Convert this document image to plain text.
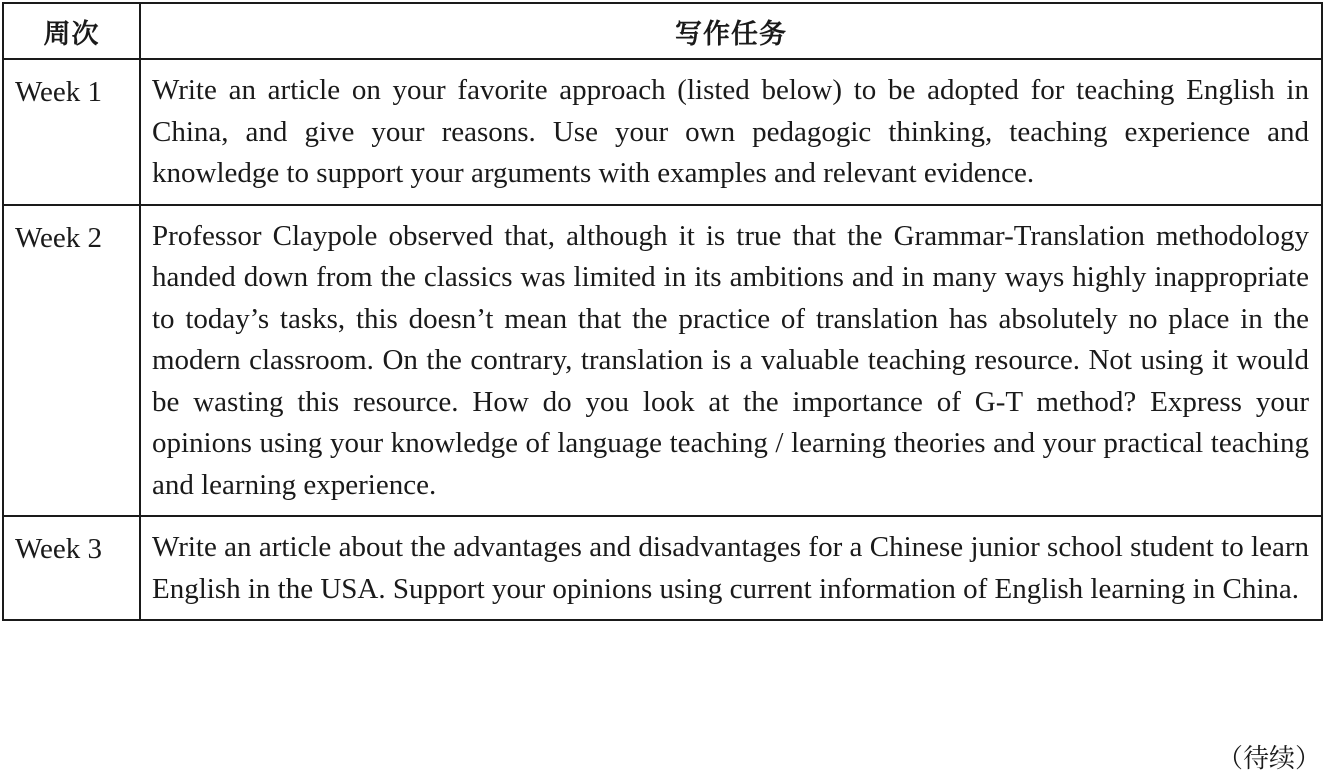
周次	写作任务
Week 1	Write an article on your favorite approach (listed below) to be adopted for teaching English in China, and give your reasons. Use your own pedagogic thinking, teaching experience and knowledge to support your arguments with examples and relevant evidence.
Week 2	Professor Claypole observed that, although it is true that the Grammar-Translation methodology handed down from the classics was limited in its ambitions and in many ways highly inappropriate to today’s tasks, this doesn’t mean that the practice of translation has absolutely no place in the modern classroom. On the contrary, translation is a valuable teaching resource. Not using it would be wasting this resource. How do you look at the importance of G-T method? Express your opinions using your knowledge of language teaching / learning theories and your practical teaching and learning experience.
Week 3	Write an article about the advantages and disadvantages for a Chinese junior school student to learn English in the USA. Support your opinions using current information of English learning in China.
（待续）
